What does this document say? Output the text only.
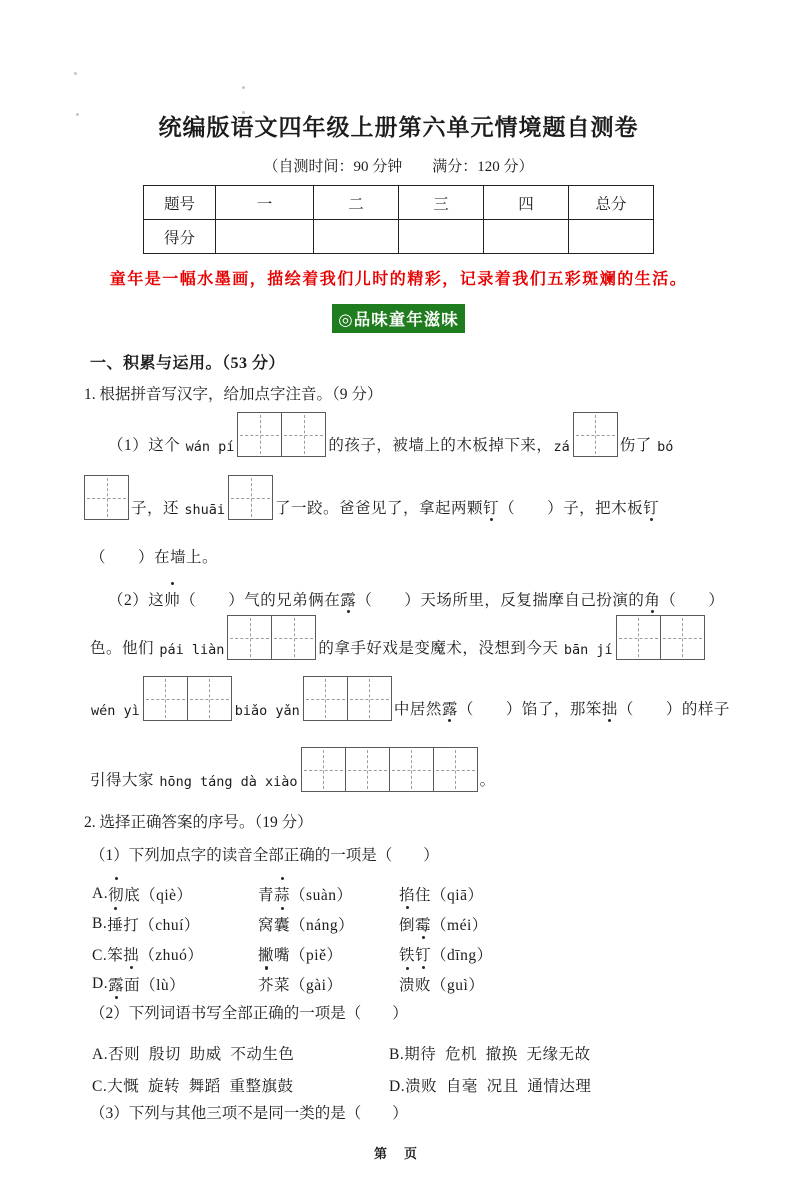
统编版语文四年级上册第六单元情境题自测卷
（自测时间：90 分钟　　满分：120 分）
题号	一	二	三	四	总分
得分					
童年是一幅水墨画，描绘着我们儿时的精彩，记录着我们五彩斑斓的生活。
◎品味童年滋味
一、积累与运用。（53 分）
1. 根据拼音写汉字，给加点字注音。（9 分）
（1）这个 wán pí	的孩子，被墙上的木板掉下来， zá	伤了 bó
子，还 shuāi	了一跤。爸爸见了，拿起两颗 钉 （　　）子，把木板 钉
（　　）在墙上。
（2）这 帅 （　　）气的兄弟俩在 露 （　　）天场所里，反复揣摩自己扮演的 角 （　　）
色。他们 pái liàn	的拿手好戏是变魔术，没想到今天 bān jí
wén yì	biǎo yǎn	中居然 露 （　　）馅了，那笨 拙 （　　）的样子
引得大家 hōng táng dà xiào	。
2. 选择正确答案的序号。（19 分）
（1）下列加点字的读音全部正确的一项是（　　）
A. 彻 底（qiè）	青 蒜 （suàn）	掐 住（qiā）
B. 捶 打（chuí）	窝 囊 （náng）	倒 霉 （méi）
C.笨 拙 （zhuó）	撇 嘴（piě）	铁 钉 （dīng）
D. 露 面（lù）	芥 菜（gài）	溃 败（guì）
（2）下列词语书写全部正确的一项是（　　）
A.否则  殷切  助威  不动生色	B.期待  危机  撤换  无缘无故
C.大慨  旋转  舞蹈  重整旗鼓	D.溃败  自毫  况且  通情达理
（3）下列与其他三项不是同一类的是（　　）
第　页
